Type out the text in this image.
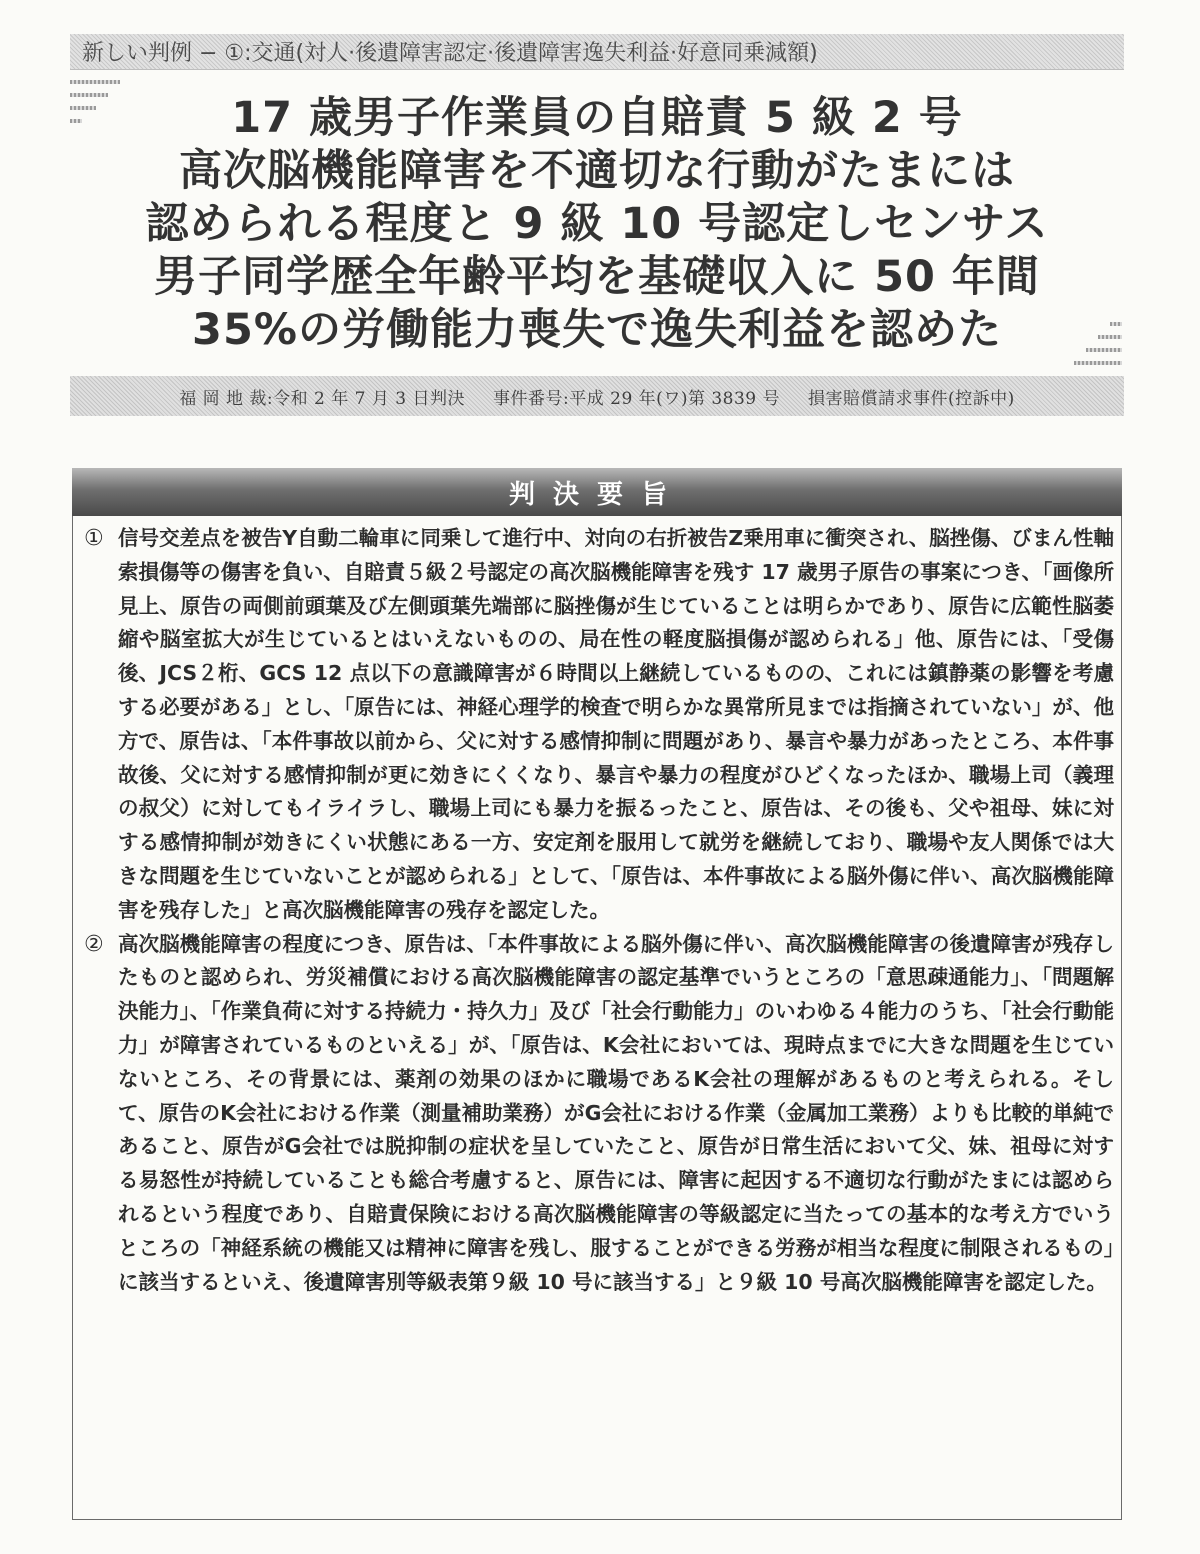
新しい判例 − ①:交通(対人·後遺障害認定·後遺障害逸失利益·好意同乗減額)
17 歳男子作業員の自賠責 5 級 2 号
高次脳機能障害を不適切な行動がたまには
認められる程度と 9 級 10 号認定しセンサス
男子同学歴全年齢平均を基礎収入に 50 年間
35%の労働能力喪失で逸失利益を認めた
福 岡 地 裁:令和 2 年 7 月 3 日判決 事件番号:平成 29 年(ワ)第 3839 号 損害賠償請求事件(控訴中)
判決要旨
① 信号交差点を被告Y自動二輪車に同乗して進行中、対向の右折被告Z乗用車に衝突され、脳挫傷、びまん性軸索損傷等の傷害を負い、自賠責５級２号認定の高次脳機能障害を残す 17 歳男子原告の事案につき、「画像所見上、原告の両側前頭葉及び左側頭葉先端部に脳挫傷が生じていることは明らかであり、原告に広範性脳萎縮や脳室拡大が生じているとはいえないものの、局在性の軽度脳損傷が認められる」他、原告には、「受傷後、JCS２桁、GCS 12 点以下の意識障害が６時間以上継続しているものの、これには鎮静薬の影響を考慮する必要がある」とし、「原告には、神経心理学的検査で明らかな異常所見までは指摘されていない」が、他方で、原告は、「本件事故以前から、父に対する感情抑制に問題があり、暴言や暴力があったところ、本件事故後、父に対する感情抑制が更に効きにくくなり、暴言や暴力の程度がひどくなったほか、職場上司（義理の叔父）に対してもイライラし、職場上司にも暴力を振るったこと、原告は、その後も、父や祖母、妹に対する感情抑制が効きにくい状態にある一方、安定剤を服用して就労を継続しており、職場や友人関係では大きな問題を生じていないことが認められる」として、「原告は、本件事故による脳外傷に伴い、高次脳機能障害を残存した」と高次脳機能障害の残存を認定した。
② 高次脳機能障害の程度につき、原告は、「本件事故による脳外傷に伴い、高次脳機能障害の後遺障害が残存したものと認められ、労災補償における高次脳機能障害の認定基準でいうところの「意思疎通能力」、「問題解決能力」、「作業負荷に対する持続力・持久力」及び「社会行動能力」のいわゆる４能力のうち、「社会行動能力」が障害されているものといえる」が、「原告は、K会社においては、現時点までに大きな問題を生じていないところ、その背景には、薬剤の効果のほかに職場であるK会社の理解があるものと考えられる。そして、原告のK会社における作業（測量補助業務）がG会社における作業（金属加工業務）よりも比較的単純であること、原告がG会社では脱抑制の症状を呈していたこと、原告が日常生活において父、妹、祖母に対する易怒性が持続していることも総合考慮すると、原告には、障害に起因する不適切な行動がたまには認められるという程度であり、自賠責保険における高次脳機能障害の等級認定に当たっての基本的な考え方でいうところの「神経系統の機能又は精神に障害を残し、服することができる労務が相当な程度に制限されるもの」に該当するといえ、後遺障害別等級表第９級 10 号に該当する」と９級 10 号高次脳機能障害を認定した。
